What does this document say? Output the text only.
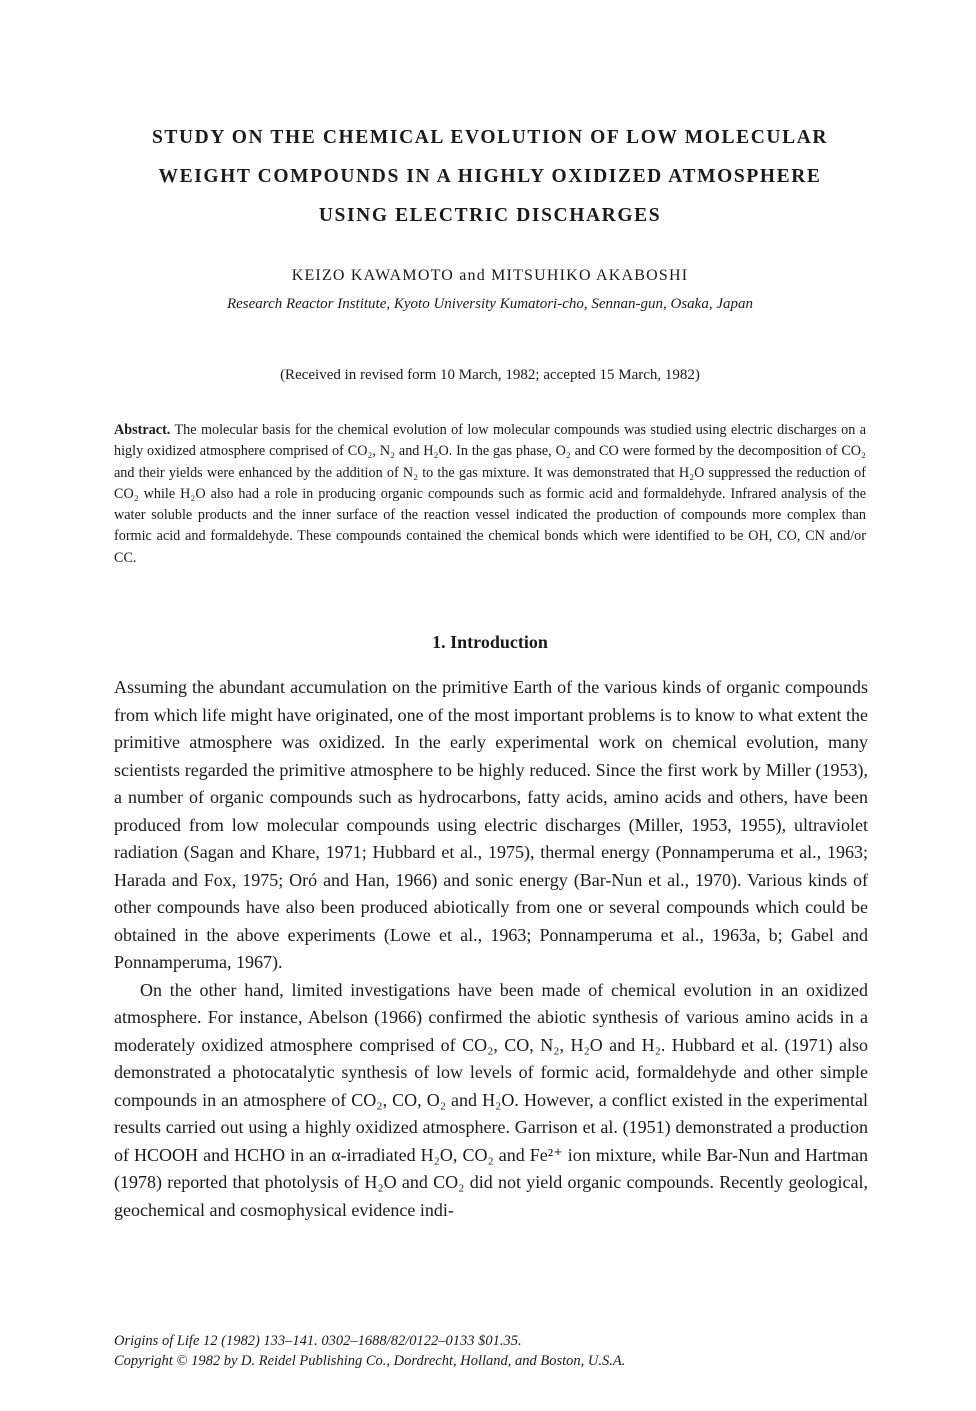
STUDY ON THE CHEMICAL EVOLUTION OF LOW MOLECULAR
WEIGHT COMPOUNDS IN A HIGHLY OXIDIZED ATMOSPHERE
USING ELECTRIC DISCHARGES
KEIZO KAWAMOTO and MITSUHIKO AKABOSHI
Research Reactor Institute, Kyoto University Kumatori-cho, Sennan-gun, Osaka, Japan
(Received in revised form 10 March, 1982; accepted 15 March, 1982)
Abstract. The molecular basis for the chemical evolution of low molecular compounds was studied using electric discharges on a higly oxidized atmosphere comprised of CO₂, N₂ and H₂O. In the gas phase, O₂ and CO were formed by the decomposition of CO₂ and their yields were enhanced by the addition of N₂ to the gas mixture. It was demonstrated that H₂O suppressed the reduction of CO₂ while H₂O also had a role in producing organic compounds such as formic acid and formaldehyde. Infrared analysis of the water soluble products and the inner surface of the reaction vessel indicated the production of compounds more complex than formic acid and formaldehyde. These compounds contained the chemical bonds which were identified to be OH, CO, CN and/or CC.
1. Introduction

Assuming the abundant accumulation on the primitive Earth of the various kinds of organic compounds from which life might have originated, one of the most important problems is to know to what extent the primitive atmosphere was oxidized. In the early experimental work on chemical evolution, many scientists regarded the primitive atmosphere to be highly reduced. Since the first work by Miller (1953), a number of organic compounds such as hydrocarbons, fatty acids, amino acids and others, have been produced from low molecular compounds using electric discharges (Miller, 1953, 1955), ultraviolet radiation (Sagan and Khare, 1971; Hubbard et al., 1975), thermal energy (Ponnamperuma et al., 1963; Harada and Fox, 1975; Oró and Han, 1966) and sonic energy (Bar-Nun et al., 1970). Various kinds of other compounds have also been produced abiotically from one or several compounds which could be obtained in the above experiments (Lowe et al., 1963; Ponnamperuma et al., 1963a, b; Gabel and Ponnamperuma, 1967).

On the other hand, limited investigations have been made of chemical evolution in an oxidized atmosphere. For instance, Abelson (1966) confirmed the abiotic synthesis of various amino acids in a moderately oxidized atmosphere comprised of CO₂, CO, N₂, H₂O and H₂. Hubbard et al. (1971) also demonstrated a photocatalytic synthesis of low levels of formic acid, formaldehyde and other simple compounds in an atmosphere of CO₂, CO, O₂ and H₂O. However, a conflict existed in the experimental results carried out using a highly oxidized atmosphere. Garrison et al. (1951) demonstrated a production of HCOOH and HCHO in an α-irradiated H₂O, CO₂ and Fe²⁺ ion mixture, while Bar-Nun and Hartman (1978) reported that photolysis of H₂O and CO₂ did not yield organic compounds. Recently geological, geochemical and cosmophysical evidence indi-

Origins of Life 12 (1982) 133–141. 0302–1688/82/0122–0133 $01.35.
Copyright © 1982 by D. Reidel Publishing Co., Dordrecht, Holland, and Boston, U.S.A.
